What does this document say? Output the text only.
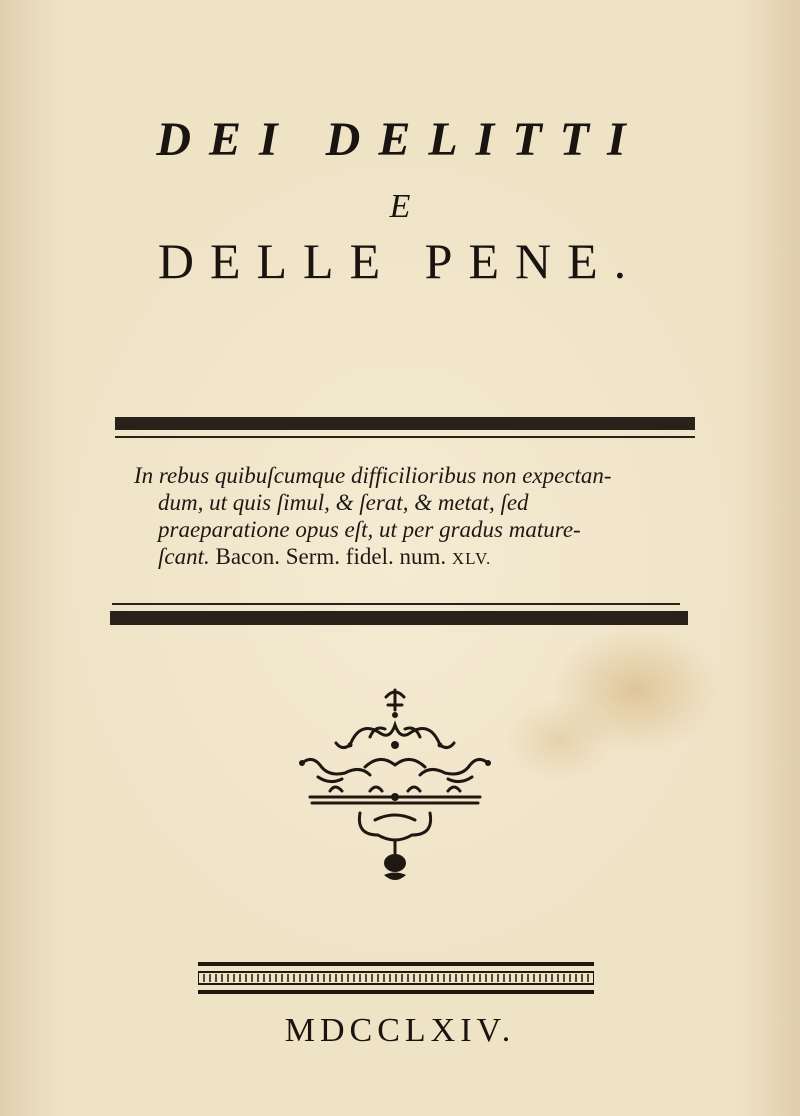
DEI DELITTI
E
DELLE PENE.
In rebus quibuſcumque difficilioribus non expectan-
dum, ut quis ſimul, & ſerat, & metat, ſed
praeparatione opus eſt, ut per gradus mature-
ſcant. Bacon. Serm. fidel. num. XLV.
MDCCLXIV.
